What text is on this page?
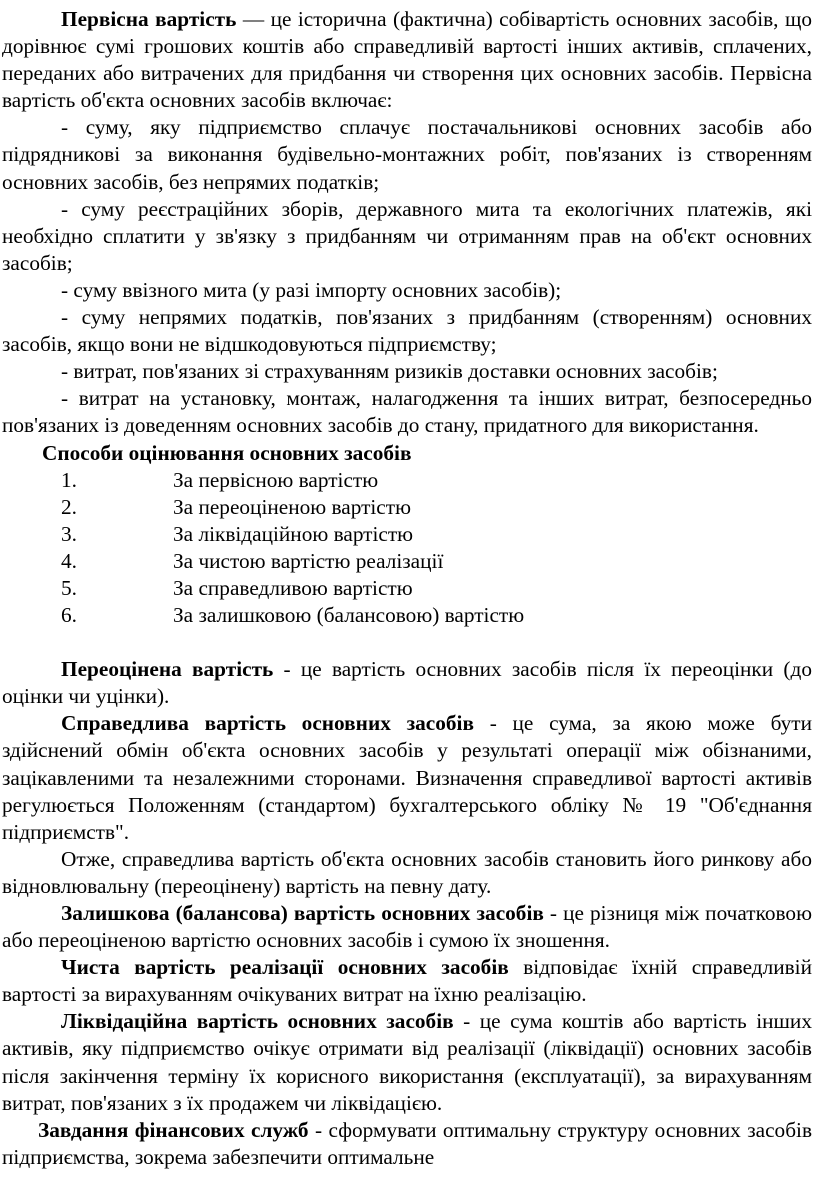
Первісна вартість — це історична (фактична) собівартість основних засобів, що дорівнює сумі грошових коштів або справедливій вартості інших активів, сплачених, переданих або витрачених для придбання чи створення цих основних засобів. Первісна вартість об'єкта основних засобів включає:

- суму, яку підприємство сплачує постачальникові основних засобів або підрядникові за виконання будівельно-монтажних робіт, пов'язаних із створенням основних засобів, без непрямих податків;

- суму реєстраційних зборів, державного мита та екологічних платежів, які необхідно сплатити у зв'язку з придбанням чи отриманням прав на об'єкт основних засобів;

- суму ввізного мита (у разі імпорту основних засобів);

- суму непрямих податків, пов'язаних з придбанням (створенням) основних засобів, якщо вони не відшкодовуються підприємству;

- витрат, пов'язаних зі страхуванням ризиків доставки основних засобів;

- витрат на установку, монтаж, налагодження та інших витрат, безпосередньо пов'язаних із доведенням основних засобів до стану, придатного для використання.

Способи оцінювання основних засобів

1.	За первісною вартістю
2.	За переоціненою вартістю
3.	За ліквідаційною вартістю
4.	За чистою вартістю реалізації
5.	За справедливою вартістю
6.	За залишковою (балансовою) вартістю

Переоцінена вартість - це вартість основних засобів після їх переоцінки (до оцінки чи уцінки).

Справедлива вартість основних засобів - це сума, за якою може бути здійснений обмін об'єкта основних засобів у результаті операції між обізнаними, зацікавленими та незалежними сторонами. Визначення справедливої вартості активів регулюється Положенням (стандартом) бухгалтерського обліку № 19 "Об'єднання підприємств".

Отже, справедлива вартість об'єкта основних засобів становить його ринкову або відновлювальну (переоцінену) вартість на певну дату.

Залишкова (балансова) вартість основних засобів - це різниця між початковою або переоціненою вартістю основних засобів і сумою їх зношення.

Чиста вартість реалізації основних засобів відповідає їхній справедливій вартості за вирахуванням очікуваних витрат на їхню реалізацію.

Ліквідаційна вартість основних засобів - це сума коштів або вартість інших активів, яку підприємство очікує отримати від реалізації (ліквідації) основних засобів після закінчення терміну їх корисного використання (експлуатації), за вирахуванням витрат, пов'язаних з їх продажем чи ліквідацією.

Завдання фінансових служб - сформувати оптимальну структуру основних засобів підприємства, зокрема забезпечити оптимальне
